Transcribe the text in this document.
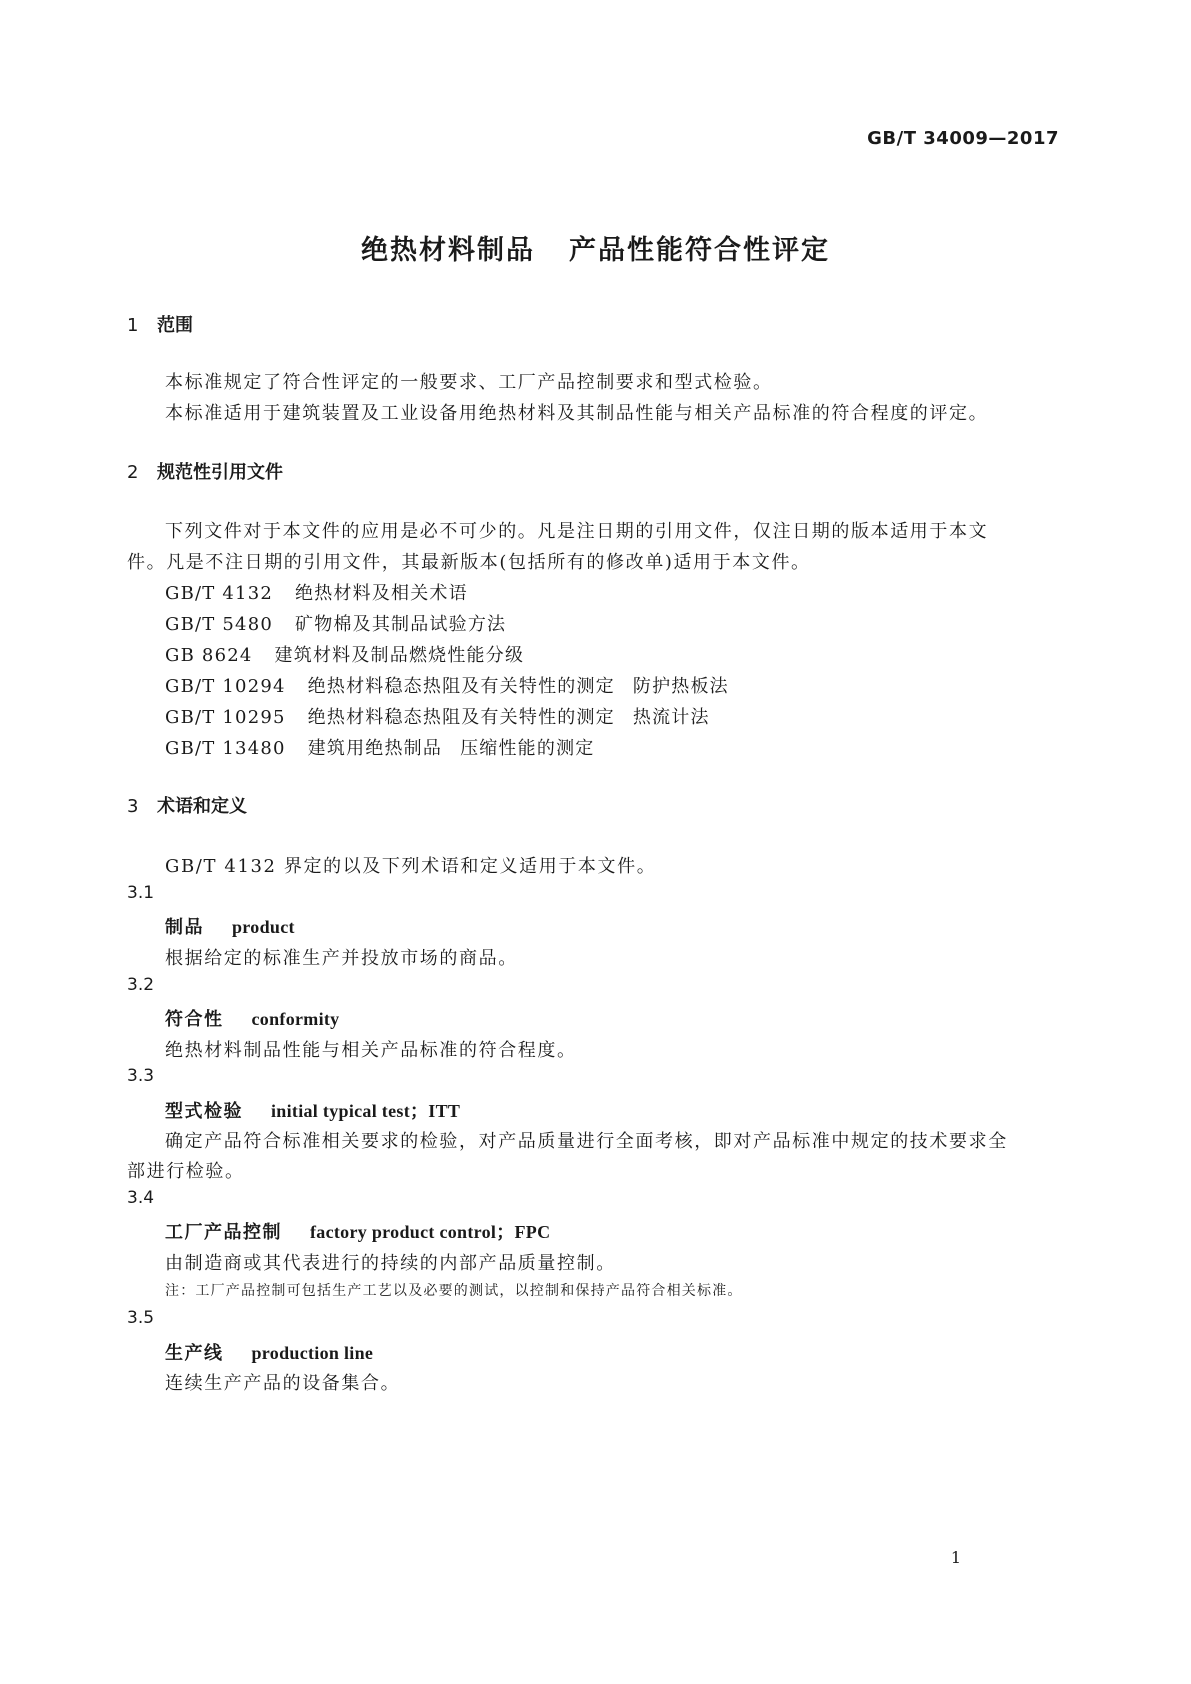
GB/T 34009—2017
绝热材料制品 产品性能符合性评定
1 范围
本标准规定了符合性评定的一般要求、工厂产品控制要求和型式检验。
本标准适用于建筑装置及工业设备用绝热材料及其制品性能与相关产品标准的符合程度的评定。
2 规范性引用文件
下列文件对于本文件的应用是必不可少的。凡是注日期的引用文件，仅注日期的版本适用于本文
件。凡是不注日期的引用文件，其最新版本(包括所有的修改单)适用于本文件。
GB/T 4132 绝热材料及相关术语
GB/T 5480 矿物棉及其制品试验方法
GB 8624 建筑材料及制品燃烧性能分级
GB/T 10294 绝热材料稳态热阻及有关特性的测定 防护热板法
GB/T 10295 绝热材料稳态热阻及有关特性的测定 热流计法
GB/T 13480 建筑用绝热制品 压缩性能的测定
3 术语和定义
GB/T 4132 界定的以及下列术语和定义适用于本文件。
3.1
制品 product
根据给定的标准生产并投放市场的商品。
3.2
符合性 conformity
绝热材料制品性能与相关产品标准的符合程度。
3.3
型式检验 initial typical test；ITT
确定产品符合标准相关要求的检验，对产品质量进行全面考核，即对产品标准中规定的技术要求全
部进行检验。
3.4
工厂产品控制 factory product control；FPC
由制造商或其代表进行的持续的内部产品质量控制。
注：工厂产品控制可包括生产工艺以及必要的测试，以控制和保持产品符合相关标准。
3.5
生产线 production line
连续生产产品的设备集合。
1
